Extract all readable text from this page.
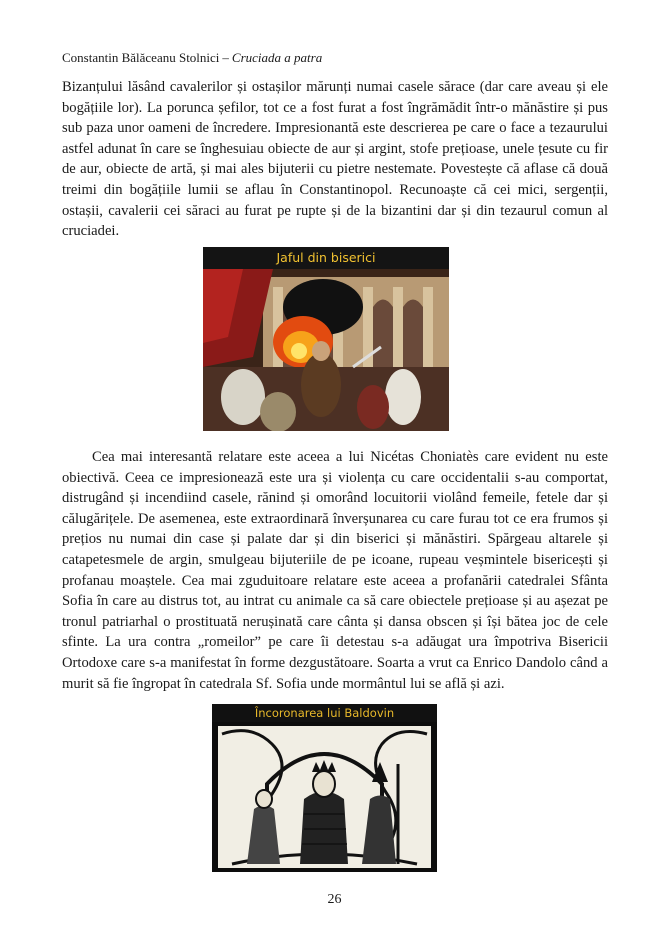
Constantin Bălăceanu Stolnici – Cruciada a patra

Bizanțului lăsând cavalerilor și ostașilor mărunți numai casele sărace (dar care aveau și ele bogățiile lor). La porunca șefilor, tot ce a fost furat a fost îngrămădit într-o mănăstire și pus sub paza unor oameni de încredere. Impresionantă este descrierea pe care o face a tezaurului astfel adunat în care se înghesuiau obiecte de aur și argint, stofe prețioase, unele țesute cu fir de aur, obiecte de artă, și mai ales bijuterii cu pietre nestemate. Povestește că aflase că două treimi din bogățiile lumii se aflau în Constantinopol. Recunoaște că cei mici, sergenții, ostașii, cavalerii cei săraci au furat pe rupte și de la bizantini dar și din tezaurul comun al cruciadei.

Jaful din biserici

Cea mai interesantă relatare este aceea a lui Nicétas Choniatès care evident nu este obiectivă. Ceea ce impresionează este ura și violența cu care occidentalii s-au comportat, distrugând și incendiind casele, rănind și omorând locuitorii violând femeile, fetele dar și călugărițele. De asemenea, este extraordinară înverșunarea cu care furau tot ce era frumos și prețios nu numai din case și palate dar și din biserici și mănăstiri. Spărgeau altarele și catapetesmele de argin, smulgeau bijuteriile de pe icoane, rupeau veșmintele bisericești și profanau moaștele. Cea mai zguduitoare relatare este aceea a profanării catedralei Sfânta Sofia în care au distrus tot, au intrat cu animale ca să care obiectele prețioase și au așezat pe tronul patriarhal o prostituată nerușinată care cânta și dansa obscen și își bătea joc de cele sfinte. La ura contra „romeilor” pe care îi detestau s-a adăugat ura împotriva Bisericii Ortodoxe care s-a manifestat în forme dezgustătoare. Soarta a vrut ca Enrico Dandolo când a murit să fie îngropat în catedrala Sf. Sofia unde mormântul lui se află și azi.

Încoronarea lui Baldovin
26
